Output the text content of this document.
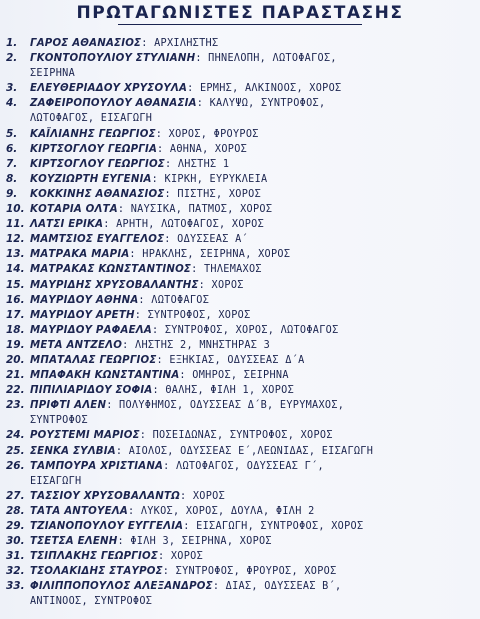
ΠΡΩΤΑΓΩΝΙΣΤΕΣ ΠΑΡΑΣΤΑΣΗΣ
1.	ΓΑΡΟΣ ΑΘΑΝΑΣΙΟΣ: ΑΡΧΙΛΗΣΤΗΣ
2.	ΓΚΟΝΤΟΠΟΥΛΙΟΥ ΣΤΥΛΙΑΝΗ: ΠΗΝΕΛΟΠΗ, ΛΩΤΟΦΑΓΟΣ,
ΣΕΙΡΗΝΑ
3.	ΕΛΕΥΘΕΡΙΑΔΟΥ ΧΡΥΣΟΥΛΑ: ΕΡΜΗΣ, ΑΛΚΙΝΟΟΣ, ΧΟΡΟΣ
4.	ΖΑΦΕΙΡΟΠΟΥΛΟΥ ΑΘΑΝΑΣΙΑ: ΚΑΛΥΨΩ, ΣΥΝΤΡΟΦΟΣ,
ΛΩΤΟΦΑΓΟΣ, ΕΙΣΑΓΩΓΗ
5.	ΚΑΪΛΙΑΝΗΣ ΓΕΩΡΓΙΟΣ: ΧΟΡΟΣ, ΦΡΟΥΡΟΣ
6.	ΚΙΡΤΣΟΓΛΟΥ ΓΕΩΡΓΙΑ: ΑΘΗΝΑ, ΧΟΡΟΣ
7.	ΚΙΡΤΣΟΓΛΟΥ ΓΕΩΡΓΙΟΣ: ΛΗΣΤΗΣ 1
8.	ΚΟΥΖΙΩΡΤΗ ΕΥΓΕΝΙΑ: ΚΙΡΚΗ, ΕΥΡΥΚΛΕΙΑ
9.	ΚΟΚΚΙΝΗΣ ΑΘΑΝΑΣΙΟΣ: ΠΙΣΤΗΣ, ΧΟΡΟΣ
10. ΚΟΤΑΡΙΑ ΟΛΤΑ: ΝΑΥΣΙΚΑ, ΠΑΤΜΟΣ, ΧΟΡΟΣ
11. ΛΑΤΣΙ ΕΡΙΚΑ: ΑΡΗΤΗ, ΛΩΤΟΦΑΓΟΣ, ΧΟΡΟΣ
12. ΜΑΜΤΣΙΟΣ ΕΥΑΓΓΕΛΟΣ: ΟΔΥΣΣΕΑΣ Α΄
13. ΜΑΤΡΑΚΑ ΜΑΡΙΑ: ΗΡΑΚΛΗΣ, ΣΕΙΡΗΝΑ, ΧΟΡΟΣ
14. ΜΑΤΡΑΚΑΣ ΚΩΝΣΤΑΝΤΙΝΟΣ: ΤΗΛΕΜΑΧΟΣ
15. ΜΑΥΡΙΔΗΣ ΧΡΥΣΟΒΑΛΑΝΤΗΣ: ΧΟΡΟΣ
16. ΜΑΥΡΙΔΟΥ ΑΘΗΝΑ: ΛΩΤΟΦΑΓΟΣ
17. ΜΑΥΡΙΔΟΥ ΑΡΕΤΗ: ΣΥΝΤΡΟΦΟΣ, ΧΟΡΟΣ
18. ΜΑΥΡΙΔΟΥ ΡΑΦΑΕΛΑ: ΣΥΝΤΡΟΦΟΣ, ΧΟΡΟΣ, ΛΩΤΟΦΑΓΟΣ
19. ΜΕΤΑ ΑΝΤΖΕΛΟ: ΛΗΣΤΗΣ 2, ΜΝΗΣΤΗΡΑΣ 3
20. ΜΠΑΤΑΛΑΣ ΓΕΩΡΓΙΟΣ: ΕΞΗΚΙΑΣ, ΟΔΥΣΣΕΑΣ Δ΄Α
21. ΜΠΑΦΑΚΗ ΚΩΝΣΤΑΝΤΙΝΑ: ΟΜΗΡΟΣ, ΣΕΙΡΗΝΑ
22. ΠΙΠΙΛΙΑΡΙΔΟΥ ΣΟΦΙΑ: ΘΑΛΗΣ, ΦΙΛΗ 1, ΧΟΡΟΣ
23. ΠΡΙΦΤΙ ΑΛΕΝ: ΠΟΛΥΦΗΜΟΣ, ΟΔΥΣΣΕΑΣ Δ΄Β, ΕΥΡΥΜΑΧΟΣ,
ΣΥΝΤΡΟΦΟΣ
24. ΡΟΥΣΤΕΜΙ ΜΑΡΙΟΣ: ΠΟΣΕΙΔΩΝΑΣ, ΣΥΝΤΡΟΦΟΣ, ΧΟΡΟΣ
25. ΣΕΝΚΑ ΣΥΛΒΙΑ: ΑΙΟΛΟΣ, ΟΔΥΣΣΕΑΣ Ε΄,ΛΕΩΝΙΔΑΣ, ΕΙΣΑΓΩΓΗ
26. ΤΑΜΠΟΥΡΑ ΧΡΙΣΤΙΑΝΑ: ΛΩΤΟΦΑΓΟΣ, ΟΔΥΣΣΕΑΣ Γ΄,
ΕΙΣΑΓΩΓΗ
27. ΤΑΣΣΙΟΥ ΧΡΥΣΟΒΑΛΑΝΤΩ: ΧΟΡΟΣ
28. ΤΑΤΑ ΑΝΤΟΥΕΛΑ: ΛΥΚΟΣ, ΧΟΡΟΣ, ΔΟΥΛΑ, ΦΙΛΗ 2
29. ΤΖΙΑΝΟΠΟΥΛΟΥ ΕΥΓΓΕΛΙΑ: ΕΙΣΑΓΩΓΗ, ΣΥΝΤΡΟΦΟΣ, ΧΟΡΟΣ
30. ΤΣΕΤΣΑ ΕΛΕΝΗ: ΦΙΛΗ 3, ΣΕΙΡΗΝΑ, ΧΟΡΟΣ
31. ΤΣΙΠΛΑΚΗΣ ΓΕΩΡΓΙΟΣ: ΧΟΡΟΣ
32. ΤΣΟΛΑΚΙΔΗΣ ΣΤΑΥΡΟΣ: ΣΥΝΤΡΟΦΟΣ, ΦΡΟΥΡΟΣ, ΧΟΡΟΣ
33. ΦΙΛΙΠΠΟΠΟΥΛΟΣ ΑΛΕΞΑΝΔΡΟΣ: ΔΙΑΣ, ΟΔΥΣΣΕΑΣ Β΄,
ΑΝΤΙΝΟΟΣ, ΣΥΝΤΡΟΦΟΣ
